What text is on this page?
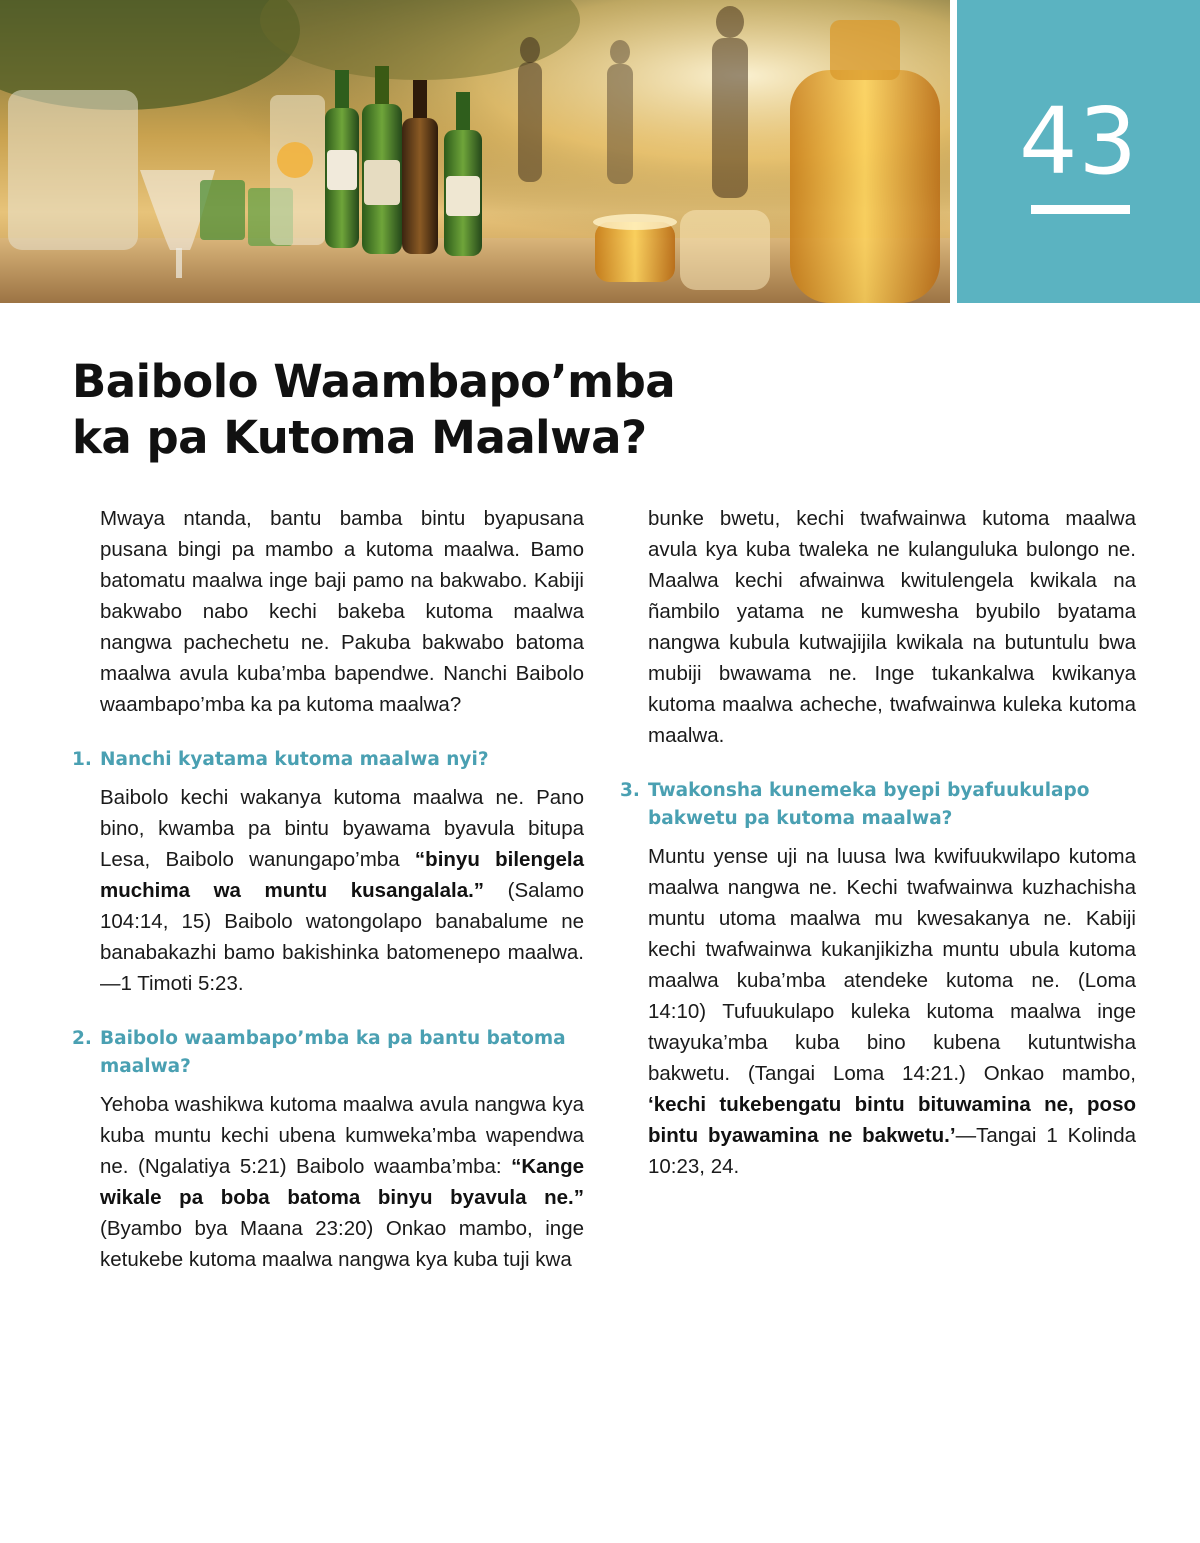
43
Baibolo Waambapo’mba
ka pa Kutoma Maalwa?

Mwaya ntanda, bantu bamba bintu byapusana pusana bingi pa mambo a kutoma maalwa. Bamo batomatu maalwa inge baji pamo na bakwabo. Kabiji bakwabo nabo kechi bakeba kutoma maalwa nangwa pachechetu ne. Pakuba bakwabo batoma maalwa avula kuba’mba bapendwe. Nanchi Baibolo waambapo’mba ka pa kutoma maalwa?

1. Nanchi kyatama kutoma maalwa nyi?

Baibolo kechi wakanya kutoma maalwa ne. Pano bino, kwamba pa bintu byawama byavula bitupa Lesa, Baibolo wanungapo’mba “binyu bilengela muchima wa muntu kusangalala.” (Salamo 104:14, 15) Baibolo watongolapo banabalume ne banabakazhi bamo bakishinka batomenepo maalwa.—1 Timoti 5:23.

2. Baibolo waambapo’mba ka pa bantu batoma maalwa?

Yehoba washikwa kutoma maalwa avula nangwa kya kuba muntu kechi ubena kumweka’mba wapendwa ne. (Ngalatiya 5:21) Baibolo waamba’mba: “Kange wikale pa boba batoma binyu byavula ne.” (Byambo bya Maana 23:20) Onkao mambo, inge ketukebe kutoma maalwa nangwa kya kuba tuji kwa

bunke bwetu, kechi twafwainwa kutoma maalwa avula kya kuba twaleka ne kulanguluka bulongo ne. Maalwa kechi afwainwa kwitulengela kwikala na ñambilo yatama ne kumwesha byubilo byatama nangwa kubula kutwajijila kwikala na butuntulu bwa mubiji bwawama ne. Inge tukankalwa kwikanya kutoma maalwa acheche, twafwainwa kuleka kutoma maalwa.

3. Twakonsha kunemeka byepi byafuukulapo bakwetu pa kutoma maalwa?

Muntu yense uji na luusa lwa kwifuukwilapo kutoma maalwa nangwa ne. Kechi twafwainwa kuzhachisha muntu utoma maalwa mu kwesakanya ne. Kabiji kechi twafwainwa kukanjikizha muntu ubula kutoma maalwa kuba’mba atendeke kutoma ne. (Loma 14:10) Tufuukulapo kuleka kutoma maalwa inge twayuka’mba kuba bino kubena kutuntwisha bakwetu. (Tangai Loma 14:21.) Onkao mambo, ‘kechi tukebengatu bintu bituwamina ne, poso bintu byawamina ne bakwetu.’—Tangai 1 Kolinda 10:23, 24.
